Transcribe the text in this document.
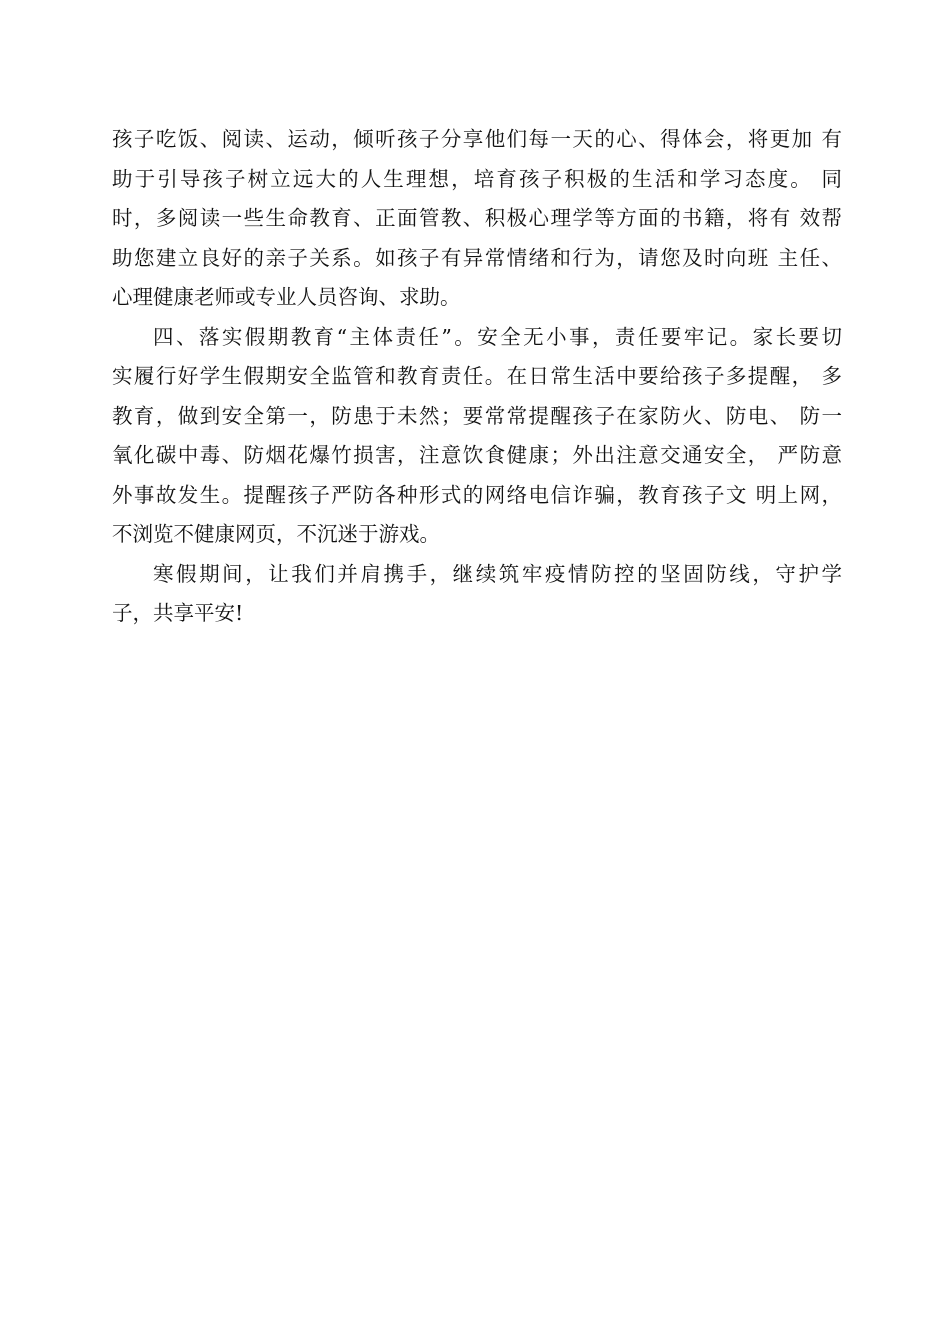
孩子吃饭、阅读、运动，倾听孩子分享他们每一天的心、得体会，将更加 有
助于引导孩子树立远大的人生理想，培育孩子积极的生活和学习态度。 同
时，多阅读一些生命教育、正面管教、积极心理学等方面的书籍，将有 效帮
助您建立良好的亲子关系。如孩子有异常情绪和行为，请您及时向班 主任、
心理健康老师或专业人员咨询、求助。
四、落实假期教育“主体责任”。安全无小事，责任要牢记。家长要切
实履行好学生假期安全监管和教育责任。在日常生活中要给孩子多提醒， 多
教育，做到安全第一，防患于未然；要常常提醒孩子在家防火、防电、 防一
氧化碳中毒、防烟花爆竹损害，注意饮食健康；外出注意交通安全， 严防意
外事故发生。提醒孩子严防各种形式的网络电信诈骗，教育孩子文 明上网，
不浏览不健康网页，不沉迷于游戏。
寒假期间，让我们并肩携手，继续筑牢疫情防控的坚固防线，守护学
子，共享平安!
